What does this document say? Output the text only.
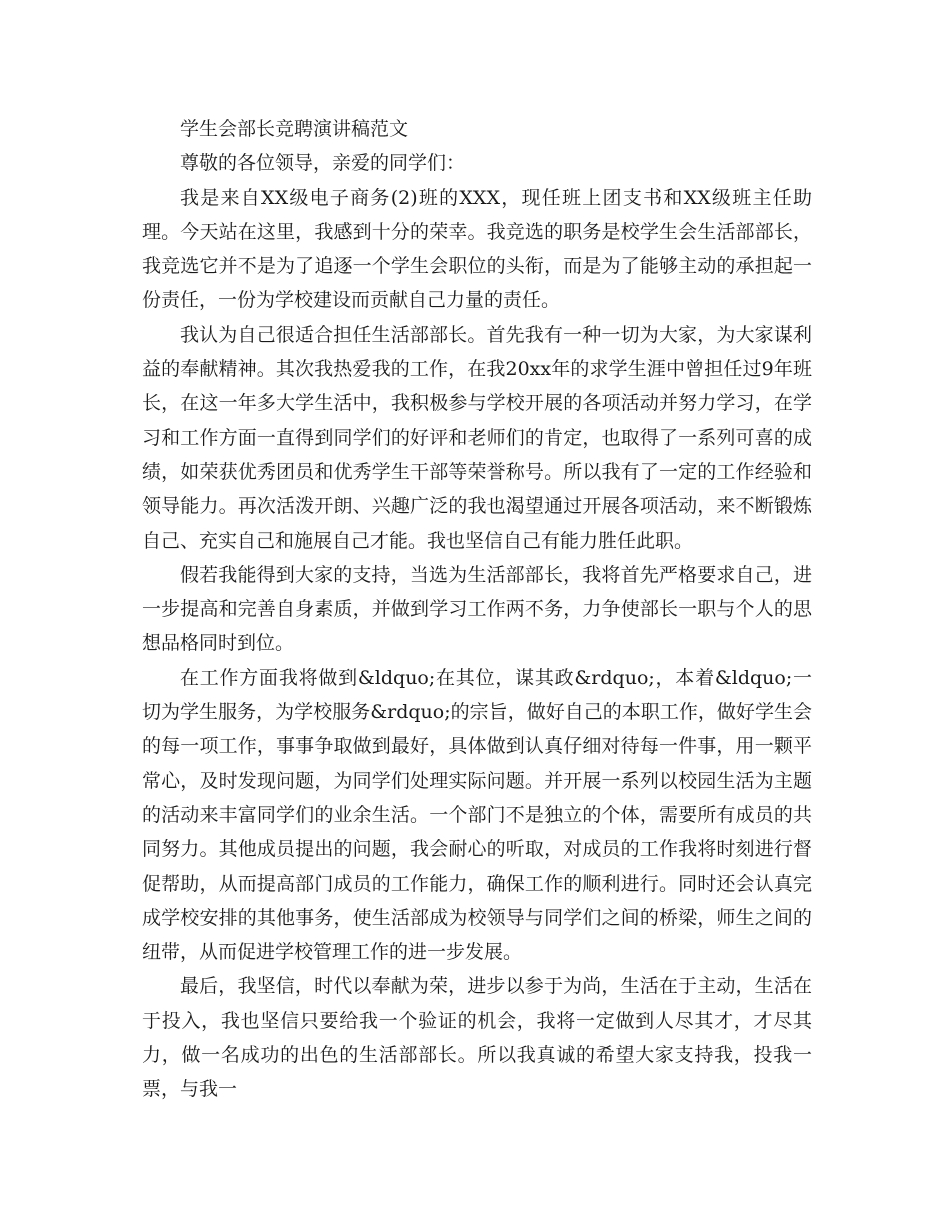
学生会部长竞聘演讲稿范文

尊敬的各位领导，亲爱的同学们：

我是来自XX级电子商务(2)班的XXX，现任班上团支书和XX级班主任助理。今天站在这里，我感到十分的荣幸。我竞选的职务是校学生会生活部部长，我竞选它并不是为了追逐一个学生会职位的头衔，而是为了能够主动的承担起一份责任，一份为学校建设而贡献自己力量的责任。

我认为自己很适合担任生活部部长。首先我有一种一切为大家，为大家谋利益的奉献精神。其次我热爱我的工作，在我20xx年的求学生涯中曾担任过9年班长，在这一年多大学生活中，我积极参与学校开展的各项活动并努力学习，在学习和工作方面一直得到同学们的好评和老师们的肯定，也取得了一系列可喜的成绩，如荣获优秀团员和优秀学生干部等荣誉称号。所以我有了一定的工作经验和领导能力。再次活泼开朗、兴趣广泛的我也渴望通过开展各项活动，来不断锻炼自己、充实自己和施展自己才能。我也坚信自己有能力胜任此职。

假若我能得到大家的支持，当选为生活部部长，我将首先严格要求自己，进一步提高和完善自身素质，并做到学习工作两不务，力争使部长一职与个人的思想品格同时到位。

在工作方面我将做到&ldquo;在其位，谋其政&rdquo;，本着&ldquo;一切为学生服务，为学校服务&rdquo;的宗旨，做好自己的本职工作，做好学生会的每一项工作，事事争取做到最好，具体做到认真仔细对待每一件事，用一颗平常心，及时发现问题，为同学们处理实际问题。并开展一系列以校园生活为主题的活动来丰富同学们的业余生活。一个部门不是独立的个体，需要所有成员的共同努力。其他成员提出的问题，我会耐心的听取，对成员的工作我将时刻进行督促帮助，从而提高部门成员的工作能力，确保工作的顺利进行。同时还会认真完成学校安排的其他事务，使生活部成为校领导与同学们之间的桥梁，师生之间的纽带，从而促进学校管理工作的进一步发展。

最后，我坚信，时代以奉献为荣，进步以参于为尚，生活在于主动，生活在于投入，我也坚信只要给我一个验证的机会，我将一定做到人尽其才，才尽其力，做一名成功的出色的生活部部长。所以我真诚的希望大家支持我，投我一票，与我一
